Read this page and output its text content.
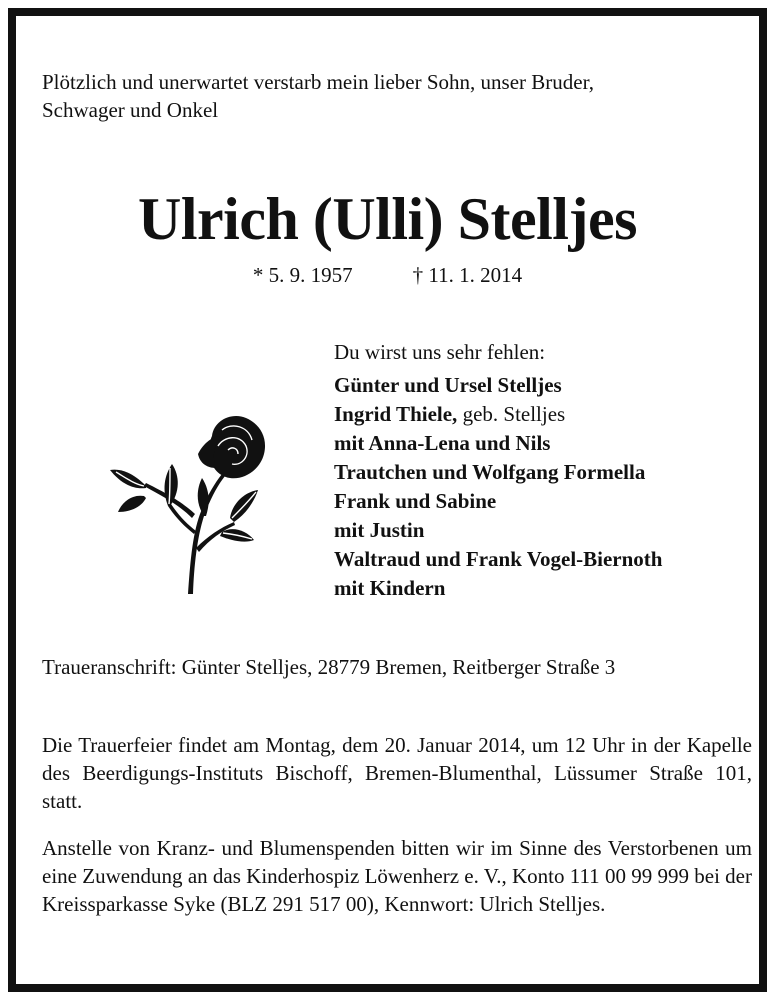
Plötzlich und unerwartet verstarb mein lieber Sohn, unser Bruder,
Schwager und Onkel
Ulrich (Ulli) Stelljes
* 5. 9. 1957	† 11. 1. 2014
Du wirst uns sehr fehlen:
Günter und Ursel Stelljes
Ingrid Thiele, geb. Stelljes
mit Anna-Lena und Nils
Trautchen und Wolfgang Formella
Frank und Sabine
mit Justin
Waltraud und Frank Vogel-Biernoth
mit Kindern
Traueranschrift: Günter Stelljes, 28779 Bremen, Reitberger Straße 3
Die Trauerfeier findet am Montag, dem 20. Januar 2014, um 12 Uhr in der Kapelle des Beerdigungs-Instituts Bischoff, Bremen-Blumenthal, Lüssumer Straße 101, statt.
Anstelle von Kranz- und Blumenspenden bitten wir im Sinne des Verstorbenen um eine Zuwendung an das Kinderhospiz Löwenherz e. V., Konto 111 00 99 999 bei der Kreissparkasse Syke (BLZ 291 517 00), Kennwort: Ulrich Stelljes.
